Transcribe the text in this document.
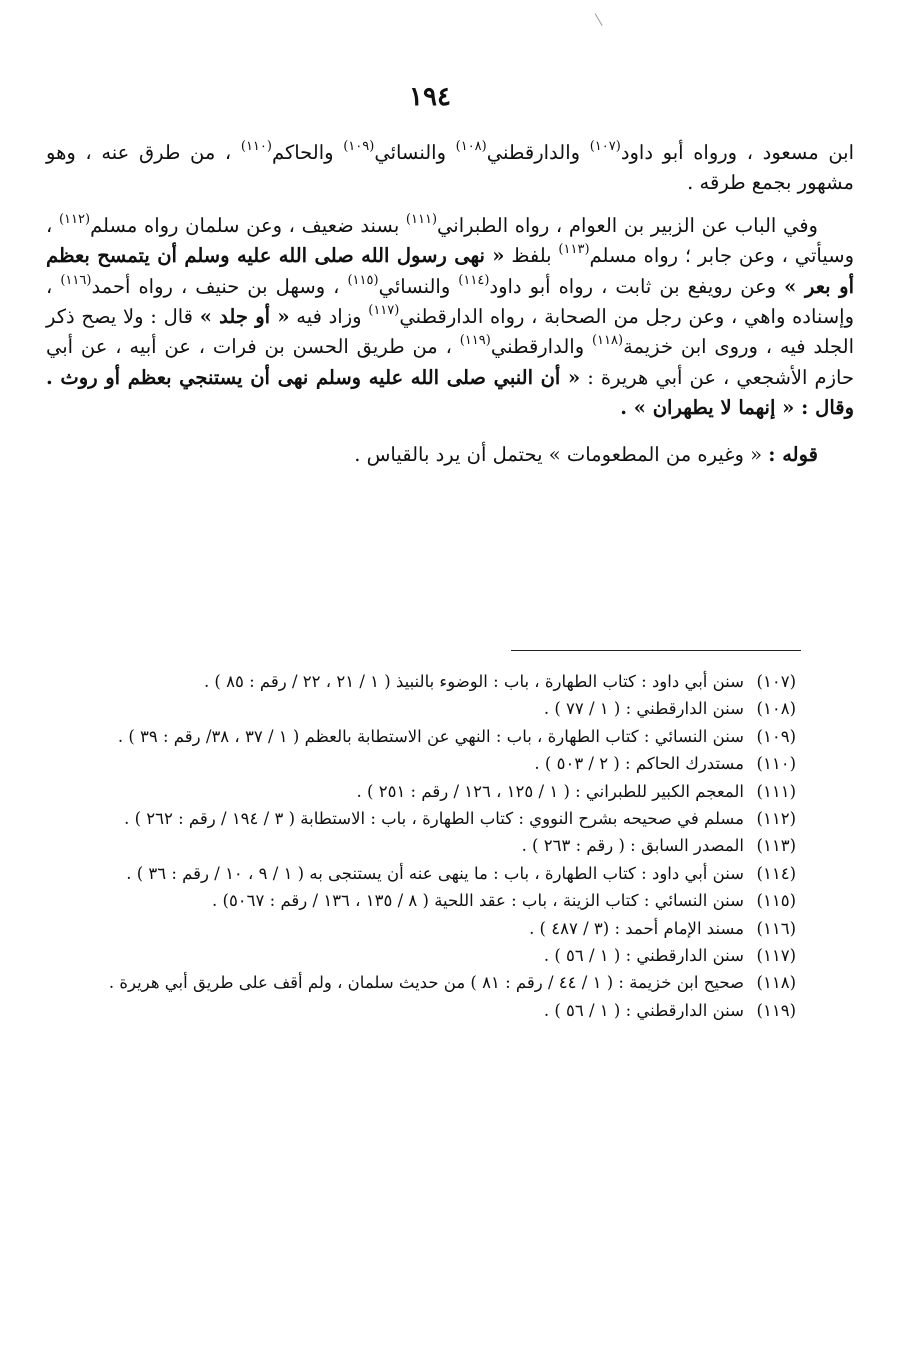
١٩٤

ابن مسعود ، ورواه أبو داود$^{(١٠٧)}$ والدارقطني$^{(١٠٨)}$ والنسائي$^{(١٠٩)}$ والحاكم$^{(١١٠)}$ ، من طرق عنه ، وهو مشهور بجمع طرقه .

وفي الباب عن الزبير بن العوام ، رواه الطبراني$^{(١١١)}$ بسند ضعيف ، وعن سلمان رواه مسلم$^{(١١٢)}$ ، وسيأتي ، وعن جابر ؛ رواه مسلم$^{(١١٣)}$ بلفظ « نهى رسول الله صلى الله عليه وسلم أن يتمسح بعظم أو بعر » وعن رويفع بن ثابت ، رواه أبو داود$^{(١١٤)}$ والنسائي$^{(١١٥)}$ ، وسهل بن حنيف ، رواه أحمد$^{(١١٦)}$ ، وإسناده واهي ، وعن رجل من الصحابة ، رواه الدارقطني$^{(١١٧)}$ وزاد فيه « أو جلد » قال : ولا يصح ذكر الجلد فيه ، وروى ابن خزيمة$^{(١١٨)}$ والدارقطني$^{(١١٩)}$ ، من طريق الحسن بن فرات ، عن أبيه ، عن أبي حازم الأشجعي ، عن أبي هريرة : « أن النبي صلى الله عليه وسلم نهى أن يستنجي بعظم أو روث . وقال : « إنهما لا يطهران » .

قوله : « وغيره من المطعومات » يحتمل أن يرد بالقياس .

(١٠٧)سنن أبي داود : كتاب الطهارة ، باب : الوضوء بالنبيذ ( ١ / ٢١ ، ٢٢ / رقم : ٨٥ ) .
(١٠٨)سنن الدارقطني : ( ١ / ٧٧ ) .
(١٠٩)سنن النسائي : كتاب الطهارة ، باب : النهي عن الاستطابة بالعظم ( ١ / ٣٧ ، ٣٨/ رقم : ٣٩ ) .
(١١٠)مستدرك الحاكم : ( ٢ / ٥٠٣ ) .
(١١١)المعجم الكبير للطبراني : ( ١ / ١٢٥ ، ١٢٦ / رقم : ٢٥١ ) .
(١١٢)مسلم في صحيحه بشرح النووي : كتاب الطهارة ، باب : الاستطابة ( ٣ / ١٩٤ / رقم : ٢٦٢ ) .
(١١٣)المصدر السابق : ( رقم : ٢٦٣ ) .
(١١٤)سنن أبي داود : كتاب الطهارة ، باب : ما ينهى عنه أن يستنجى به ( ١ / ٩ ، ١٠ / رقم : ٣٦ ) .
(١١٥)سنن النسائي : كتاب الزينة ، باب : عقد اللحية ( ٨ / ١٣٥ ، ١٣٦ / رقم : ٥٠٦٧) .
(١١٦)مسند الإمام أحمد : (٣ / ٤٨٧ ) .
(١١٧)سنن الدارقطني : ( ١ / ٥٦ ) .
(١١٨)صحيح ابن خزيمة : ( ١ / ٤٤ / رقم : ٨١ ) من حديث سلمان ، ولم أقف على طريق أبي هريرة .
(١١٩)سنن الدارقطني : ( ١ / ٥٦ ) .
